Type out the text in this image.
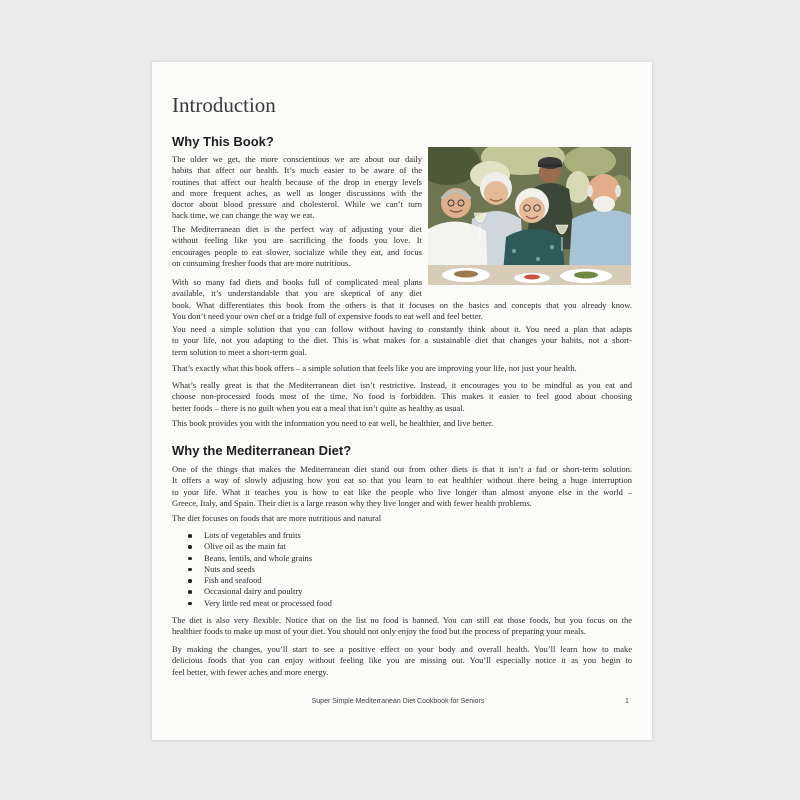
Introduction
Why This Book?
The older we get, the more conscientious we are about our daily
habits that affect our health. It’s much easier to be aware of the
routines that affect our health because of the drop in energy levels
and more frequent aches, as well as longer discussions with the
doctor about blood pressure and cholesterol. While we can’t turn
back time, we can change the way we eat.
The Mediterranean diet is the perfect way of adjusting your diet
without feeling like you are sacrificing the foods you love. It
encourages people to eat slower, socialize while they eat, and focus
on consuming fresher foods that are more nutritious.
With so many fad diets and books full of complicated meal plans
available, it’s understandable that you are skeptical of any diet
book. What differentiates this book from the others is that it focuses on the basics and concepts that you already know.
You don’t need your own chef or a fridge full of expensive foods to eat well and feel better.
You need a simple solution that you can follow without having to constantly think about it. You need a plan that adapts
to your life, not you adapting to the diet. This is what makes for a sustainable diet that changes your habits, not a short-
term solution to meet a short-term goal.
That’s exactly what this book offers – a simple solution that feels like you are improving your life, not just your health.
What’s really great is that the Mediterranean diet isn’t restrictive. Instead, it encourages you to be mindful as you eat and
choose non-processed foods most of the time. No food is forbidden. This makes it easier to feel good about choosing
better foods – there is no guilt when you eat a meal that isn’t quite as healthy as usual.
This book provides you with the information you need to eat well, be healthier, and live better.
Why the Mediterranean Diet?
One of the things that makes the Mediterranean diet stand out from other diets is that it isn’t a fad or short-term solution.
It offers a way of slowly adjusting how you eat so that you learn to eat healthier without there being a huge interruption
to your life. What it teaches you is how to eat like the people who live longer than almost anyone else in the world –
Greece, Italy, and Spain. Their diet is a large reason why they live longer and with fewer health problems.
The diet focuses on foods that are more nutritious and natural
Lots of vegetables and fruits
Olive oil as the main fat
Beans, lentils, and whole grains
Nuts and seeds
Fish and seafood
Occasional dairy and poultry
Very little red meat or processed food
The diet is also very flexible. Notice that on the list no food is banned. You can still eat those foods, but you focus on the
healthier foods to make up most of your diet. You should not only enjoy the food but the process of preparing your meals.
By making the changes, you’ll start to see a positive effect on your body and overall health. You’ll learn how to make
delicious foods that you can enjoy without feeling like you are missing out. You’ll especially notice it as you begin to
feel better, with fewer aches and more energy.
Super Simple Mediterranean Diet Cookbook for Seniors	1
